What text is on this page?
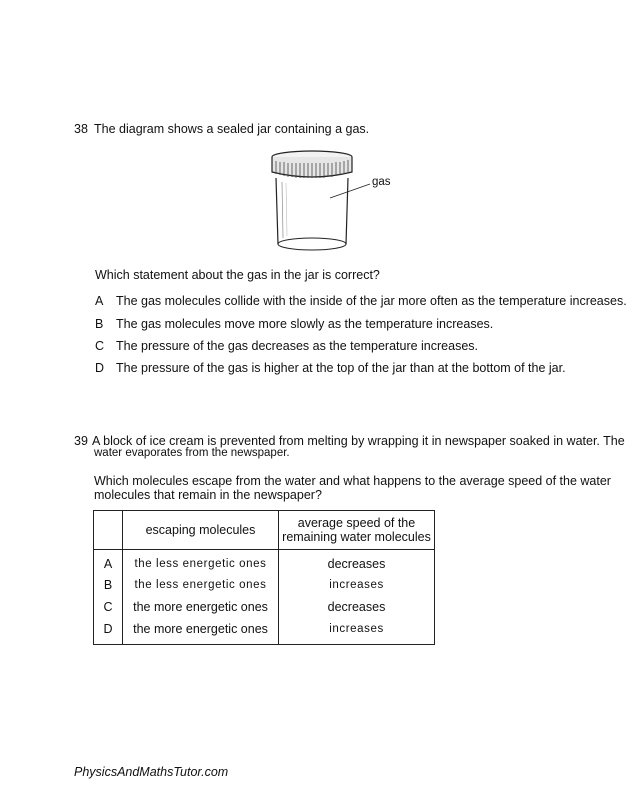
38 The diagram shows a sealed jar containing a gas.
gas
Which statement about the gas in the jar is correct?
A	The gas molecules collide with the inside of the jar more often as the temperature increases.
B	The gas molecules move more slowly as the temperature increases.
C The pressure of the gas decreases as the temperature increases.
D The pressure of the gas is higher at the top of the jar than at the bottom of the jar.
39 A block of ice cream is prevented from melting by wrapping it in newspaper soaked in water. The
water evaporates from the newspaper.
Which molecules escape from the water and what happens to the average speed of the water
molecules that remain in the newspaper?
	escaping molecules	average speed of the
remaining water molecules

A	the less energetic ones	decreases
B	the less energetic ones	increases
C	the more energetic ones	decreases
D	the more energetic ones	increases
PhysicsAndMathsTutor.com
